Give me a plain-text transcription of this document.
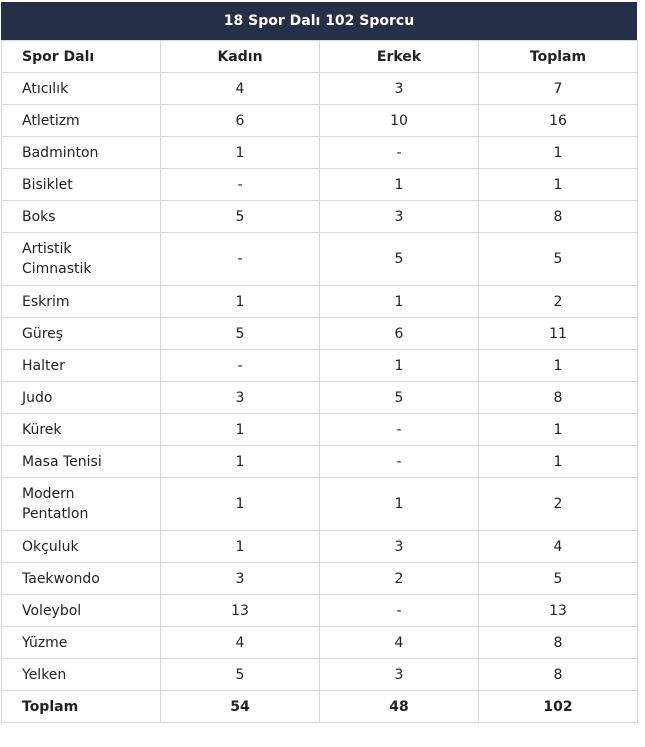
18 Spor Dalı 102 Sporcu
Spor Dalı	Kadın	Erkek	Toplam
Atıcılık	4	3	7
Atletizm	6	10	16
Badminton	1	-	1
Bisiklet	-	1	1
Boks	5	3	8
Artistik Cimnastik	-	5	5
Eskrim	1	1	2
Güreş	5	6	11
Halter	-	1	1
Judo	3	5	8
Kürek	1	-	1
Masa Tenisi	1	-	1
Modern Pentatlon	1	1	2
Okçuluk	1	3	4
Taekwondo	3	2	5
Voleybol	13	-	13
Yüzme	4	4	8
Yelken	5	3	8
Toplam	54	48	102
